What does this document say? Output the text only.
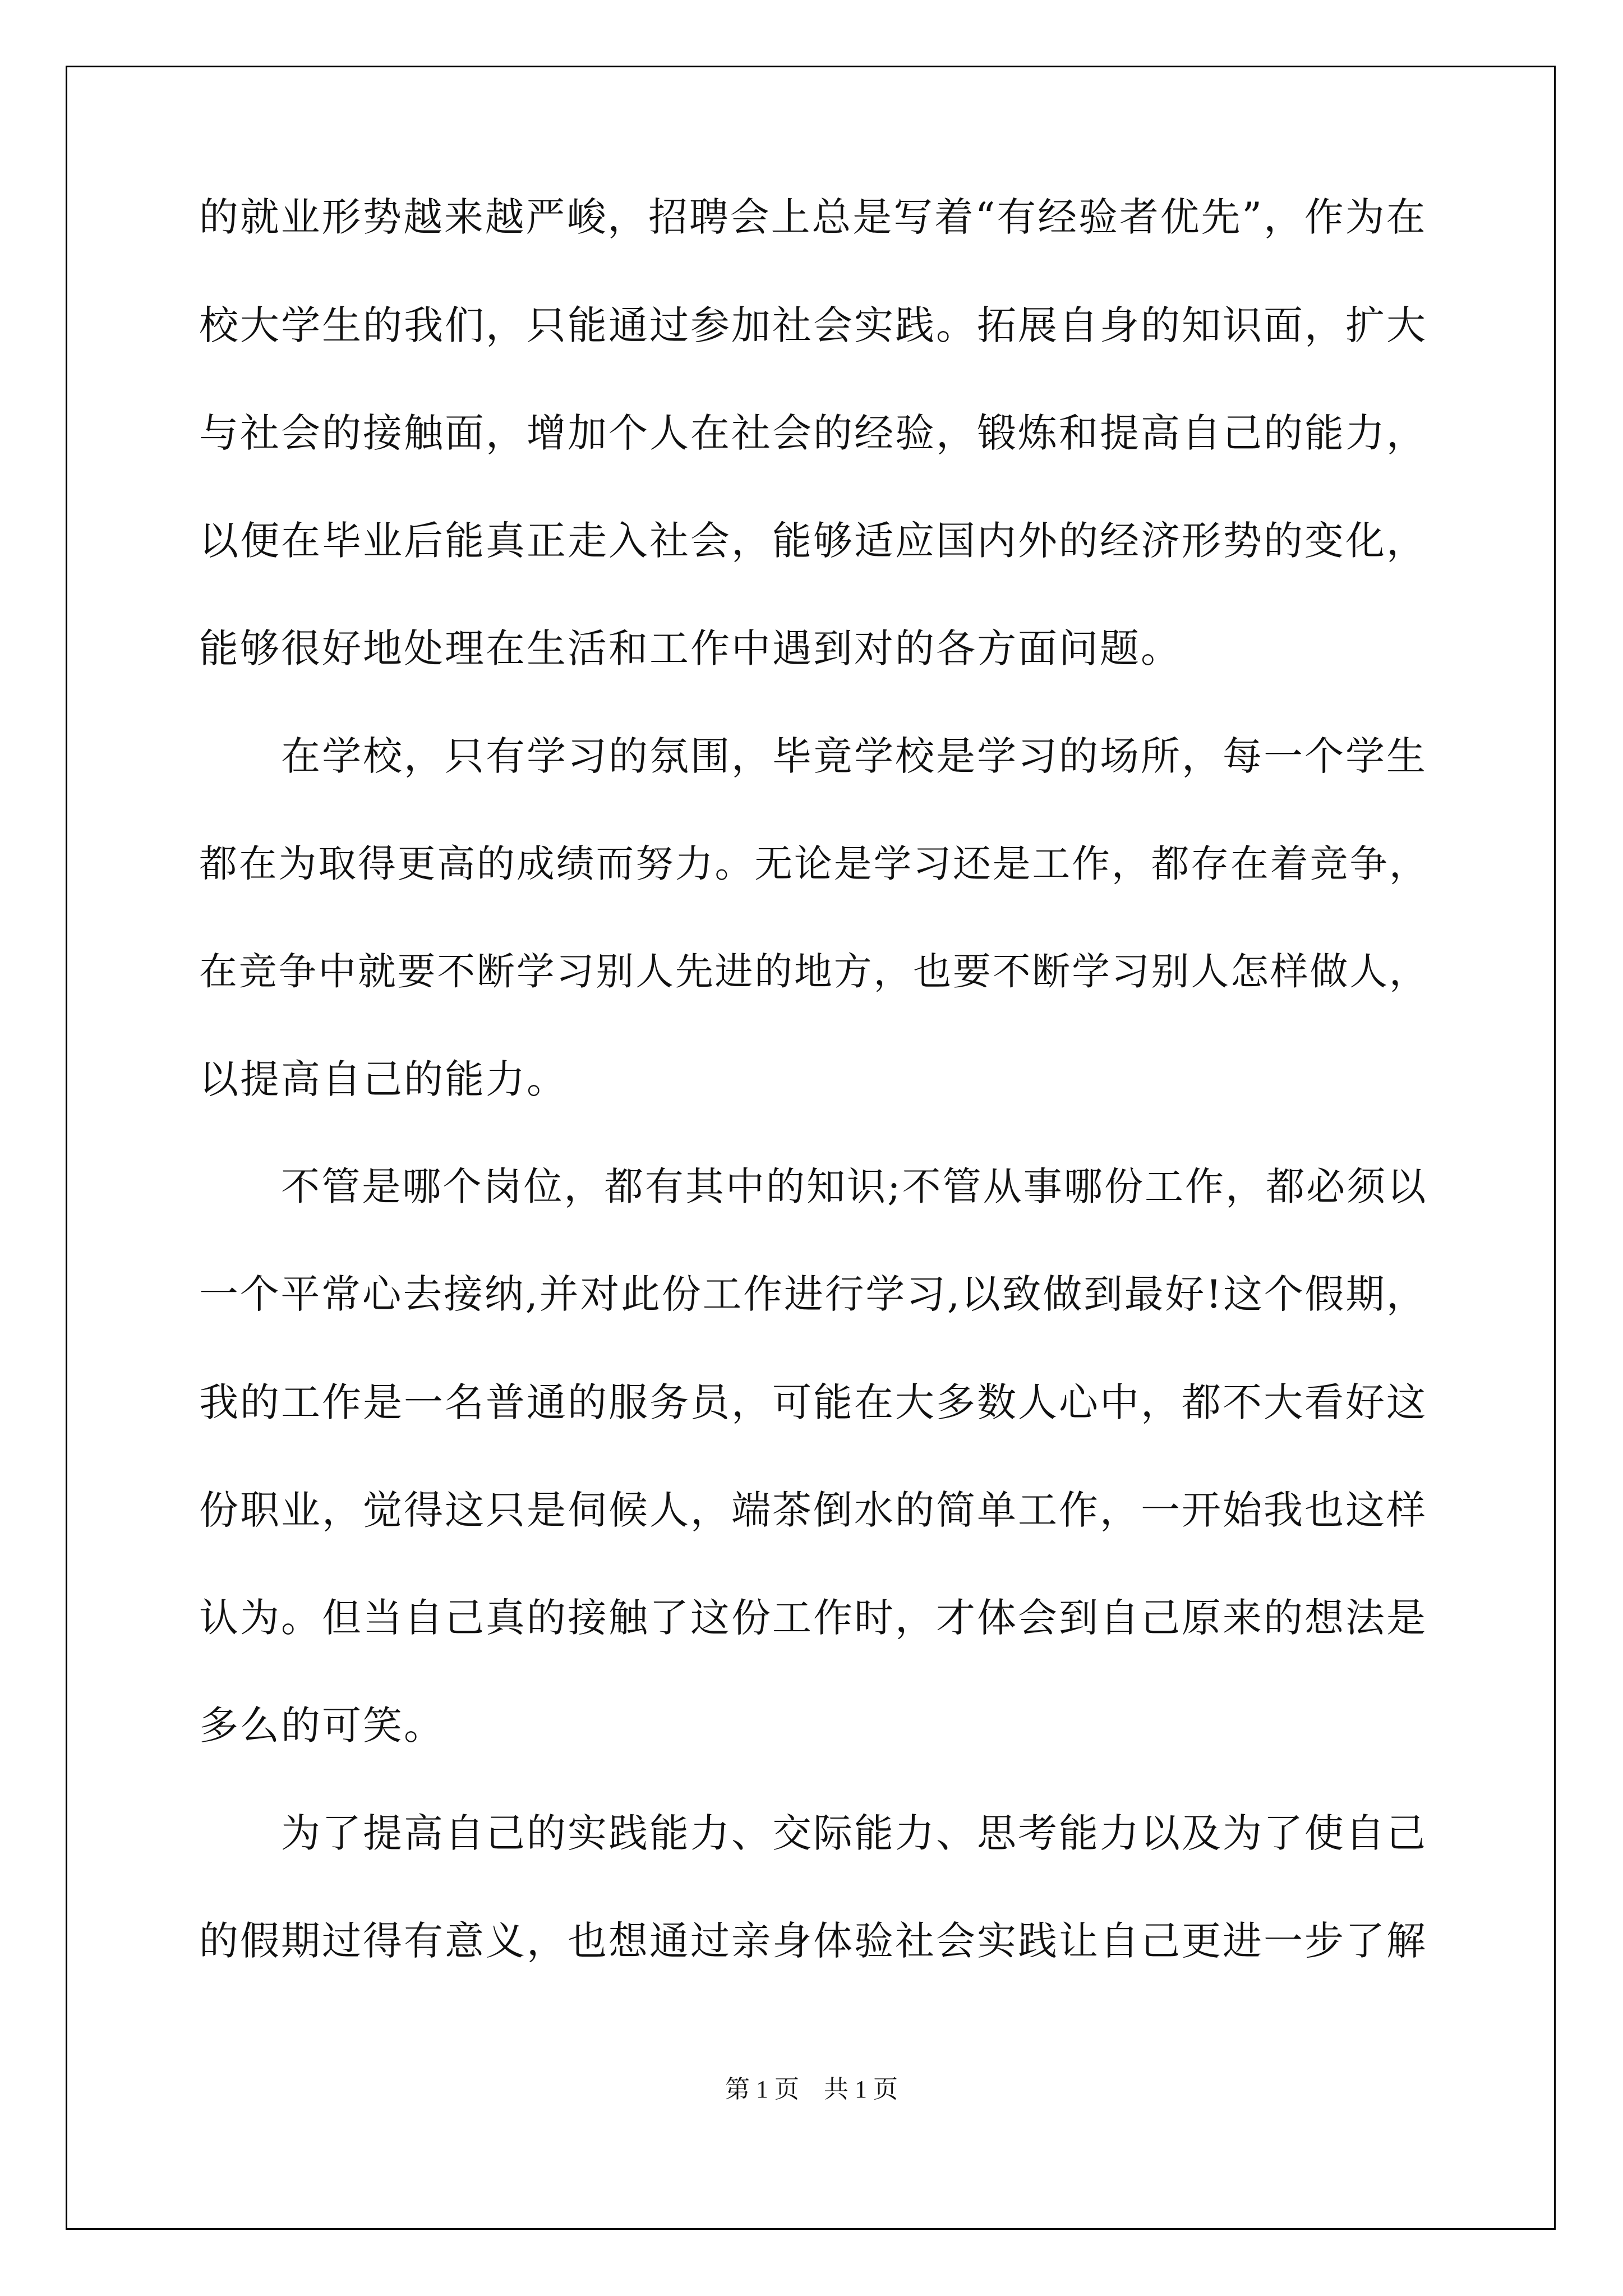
的就业形势越来越严峻，招聘会上总是写着“有经验者优先”，作为在
校大学生的我们，只能通过参加社会实践。拓展自身的知识面，扩大
与社会的接触面，增加个人在社会的经验，锻炼和提高自己的能力，
以便在毕业后能真正走入社会，能够适应国内外的经济形势的变化，
能够很好地处理在生活和工作中遇到对的各方面问题。
在学校，只有学习的氛围，毕竟学校是学习的场所，每一个学生
都在为取得更高的成绩而努力。无论是学习还是工作，都存在着竞争，
在竞争中就要不断学习别人先进的地方，也要不断学习别人怎样做人，
以提高自己的能力。
不管是哪个岗位，都有其中的知识;不管从事哪份工作，都必须以
一个平常心去接纳,并对此份工作进行学习,以致做到最好!这个假期，
我的工作是一名普通的服务员，可能在大多数人心中，都不大看好这
份职业，觉得这只是伺候人，端茶倒水的简单工作，一开始我也这样
认为。但当自己真的接触了这份工作时，才体会到自己原来的想法是
多么的可笑。
为了提高自己的实践能力、交际能力、思考能力以及为了使自己
的假期过得有意义，也想通过亲身体验社会实践让自己更进一步了解
第 1 页    共 1 页
